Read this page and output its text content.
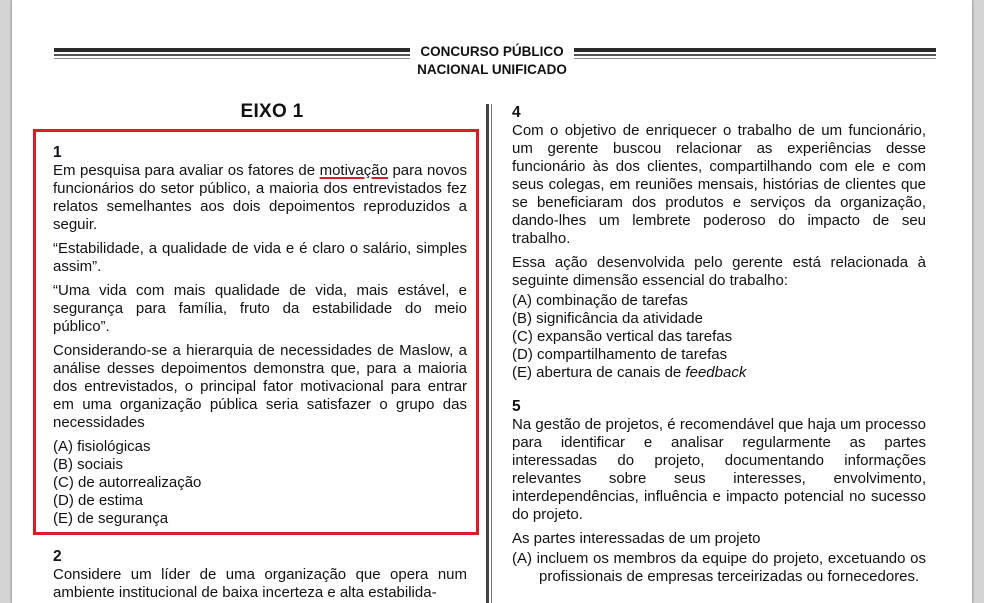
CONCURSO PÚBLICO
NACIONAL UNIFICADO
EIXO 1

1

Em pesquisa para avaliar os fatores de motivação para novos funcionários do setor público, a maioria dos entrevistados fez relatos semelhantes aos dois depoimentos reproduzidos a seguir.

“Estabilidade, a qualidade de vida e é claro o salário, simples assim”.

“Uma vida com mais qualidade de vida, mais estável, e segurança para família, fruto da estabilidade do meio público”.

Considerando-se a hierarquia de necessidades de Maslow, a análise desses depoimentos demonstra que, para a maioria dos entrevistados, o principal fator motivacional para entrar em uma organização pública seria satisfazer o grupo das necessidades

(A) fisiológicas

(B) sociais

(C) de autorrealização

(D) de estima

(E) de segurança

2

Considere um líder de uma organização que opera num ambiente institucional de baixa incerteza e alta estabilida-

4

Com o objetivo de enriquecer o trabalho de um funcionário, um gerente buscou relacionar as experiências desse funcionário às dos clientes, compartilhando com ele e com seus colegas, em reuniões mensais, histórias de clientes que se beneficiaram dos produtos e serviços da organização, dando-lhes um lembrete poderoso do impacto de seu trabalho.

Essa ação desenvolvida pelo gerente está relacionada à seguinte dimensão essencial do trabalho:

(A) combinação de tarefas

(B) significância da atividade

(C) expansão vertical das tarefas

(D) compartilhamento de tarefas

(E) abertura de canais de feedback

5

Na gestão de projetos, é recomendável que haja um processo para identificar e analisar regularmente as partes interessadas do projeto, documentando informações relevantes sobre seus interesses, envolvimento, interdependências, influência e impacto potencial no sucesso do projeto.

As partes interessadas de um projeto

(A) incluem os membros da equipe do projeto, excetuando os profissionais de empresas terceirizadas ou fornecedores.
